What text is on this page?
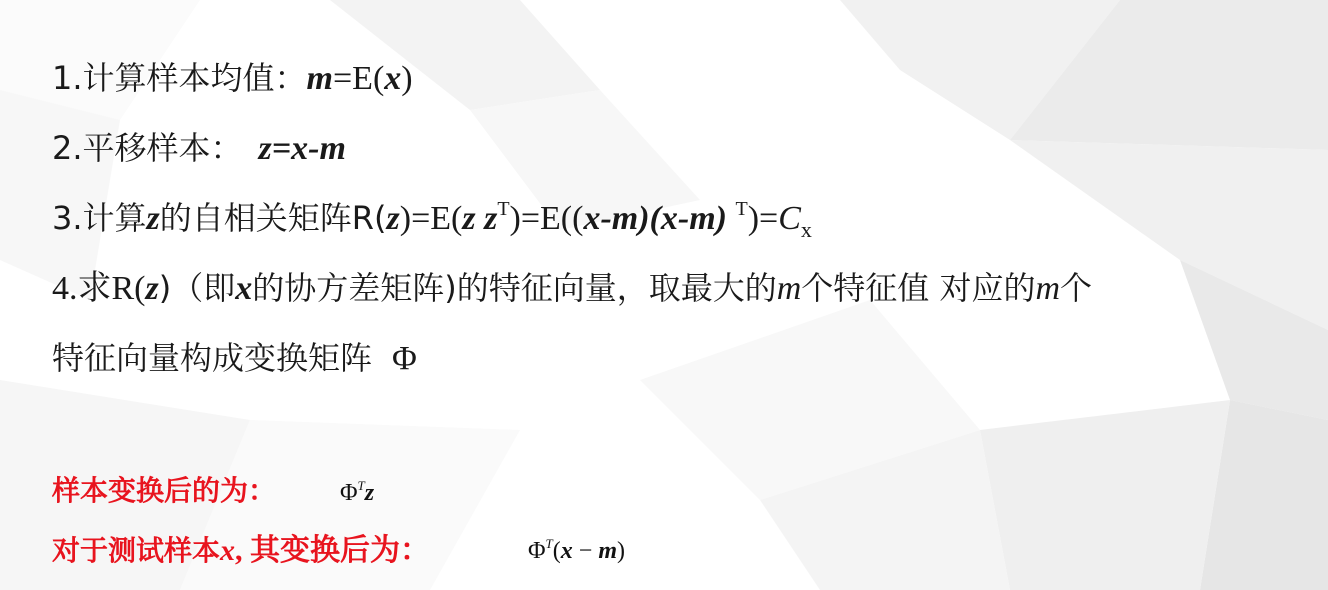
1.计算样本均值：m=E(x)
2.平移样本： z=x-m
3.计算z的自相关矩阵R(z)=E(z $z^T)=E((x-m)(x-m)$ $^T)=C_x$
4.求R(z)（即x的协方差矩阵)的特征向量，取最大的m个特征值 对应的m个
特征向量构成变换矩阵 Φ
样本变换后的为：	$\Phi^Tz$
对于测试样本x, 其变换后为：	$\Phi^T(x - m)$
